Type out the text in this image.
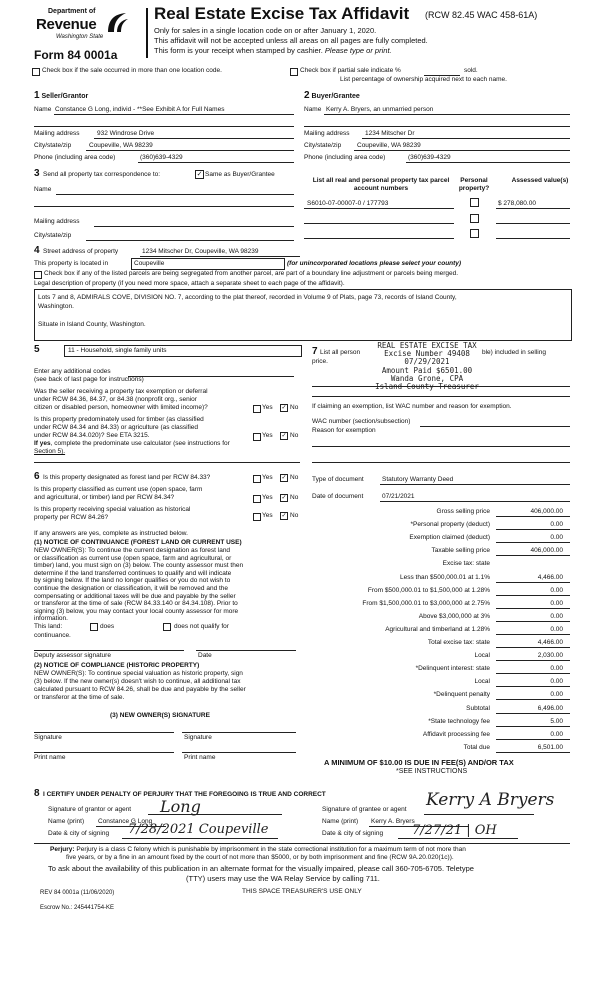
Department of
Revenue
Washington State
Form 84 0001a
Real Estate Excise Tax Affidavit (RCW 82.45 WAC 458-61A)
Only for sales in a single location code on or after January 1, 2020.
This affidavit will not be accepted unless all areas on all pages are fully completed.
This form is your receipt when stamped by cashier. Please type or print.
Check box if the sale occurred in more than one location code.	Check box if partial sale indicate %	sold.
List percentage of ownership acquired next to each name.
1 Seller/Grantor
Name Constance G Long, individ - **See Exhibit A for Full Names
Mailing address	932 Windrose Drive
City/state/zip	Coupeville, WA 98239
Phone (including area code)	(360)639-4329
2 Buyer/Grantee
Name Kerry A. Bryers, an unmarried person
Mailing address 1234 Mitscher Dr
City/state/zip Coupeville, WA 98239
Phone (including area code)	(360)639-4329
3 Send all property tax correspondence to:	✓ Same as Buyer/Grantee
Name
Mailing address
City/state/zip
List all real and personal property tax parcel account numbers
Personal property?
Assessed value(s)
S6010-07-00007-0 / 177793	$ 278,080.00
4 Street address of property	1234 Mitscher Dr, Coupeville, WA 98239
This property is located in	Coupeville	(for unincorporated locations please select your county)
Check box if any of the listed parcels are being segregated from another parcel, are part of a boundary line adjustment or parcels being merged.
Legal description of property (if you need more space, attach a separate sheet to each page of the affidavit).
Lots 7 and 8, ADMIRALS COVE, DIVISION NO. 7, according to the plat thereof, recorded in Volume 9 of Plats, page 73, records of Island County,
Washington.
Situate in Island County, Washington.
5	11 - Household, single family units
Enter any additional codes
(see back of last page for instructions)
Was the seller receiving a property tax exemption or deferral
under RCW 84.36, 84.37, or 84.38 (nonprofit org., senior
citizen or disabled person, homeowner with limited income)?	Yes ✓ No
Is this property predominately used for timber (as classified
under RCW 84.34 and 84.33) or agriculture (as classified
under RCW 84.34.020)? See ETA 3215.	Yes ✓ No
If yes, complete the predominate use calculator (see instructions for
Section 5).
6 Is this property designated as forest land per RCW 84.33?	Yes ✓ No
Is this property classified as current use (open space, farm
and agricultural, or timber) land per RCW 84.34?	Yes ✓ No
Is this property receiving special valuation as historical
property per RCW 84.26?	Yes ✓ No
If any answers are yes, complete as instructed below.
(1) NOTICE OF CONTINUANCE (FOREST LAND OR CURRENT USE)
NEW OWNER(S): To continue the current designation as forest land
or classification as current use (open space, farm and agricultural, or
timber) land, you must sign on (3) below. The county assessor must then
determine if the land transferred continues to qualify and will indicate
by signing below. If the land no longer qualifies or you do not wish to
continue the designation or classification, it will be removed and the
compensating or additional taxes will be due and payable by the seller
or transferor at the time of sale (RCW 84.33.140 or 84.34.108). Prior to
signing (3) below, you may contact your local county assessor for more
information.
This land:	does	does not qualify for
continuance.
Deputy assessor signature	Date
(2) NOTICE OF COMPLIANCE (HISTORIC PROPERTY)
NEW OWNER(S): To continue special valuation as historic property, sign
(3) below. If the new owner(s) doesn't wish to continue, all additional tax
calculated pursuant to RCW 84.26, shall be due and payable by the seller
or transferor at the time of sale.
(3) NEW OWNER(S) SIGNATURE
Signature	Signature
Print name	Print name
7 List all person	ble) included in selling
price.
REAL ESTATE EXCISE TAX
Excise Number 49408
07/29/2021
Amount Paid $6501.00
Wanda Grone, CPA
Island County Treasurer
If claiming an exemption, list WAC number and reason for exemption.
WAC number (section/subsection)
Reason for exemption
Type of document	Statutory Warranty Deed
Date of document	07/21/2021
Gross selling price	406,000.00
*Personal property (deduct)	0.00
Exemption claimed (deduct)	0.00
Taxable selling price	406,000.00
Excise tax: state
Less than $500,000.01 at 1.1%	4,466.00
From $500,000.01 to $1,500,000 at 1.28%	0.00
From $1,500,000.01 to $3,000,000 at 2.75%	0.00
Above $3,000,000 at 3%	0.00
Agricultural and timberland at 1.28%	0.00
Total excise tax: state	4,466.00
Local	2,030.00
*Delinquent interest: state	0.00
Local	0.00
*Delinquent penalty	0.00
Subtotal	6,496.00
*State technology fee	5.00
Affidavit processing fee	0.00
Total due	6,501.00
A MINIMUM OF $10.00 IS DUE IN FEE(S) AND/OR TAX
*SEE INSTRUCTIONS
8 I CERTIFY UNDER PENALTY OF PERJURY THAT THE FOREGOING IS TRUE AND CORRECT
Signature of grantor or agent Long
Name (print) Constance G Long
Date & city of signing 7/28/2021 Coupeville
Signature of grantee or agent Kerry A Bryers
Name (print) Kerry A. Bryers
Date & city of signing 7/27/21 | OH
Perjury: Perjury is a class C felony which is punishable by imprisonment in the state correctional institution for a maximum term of not more than
five years, or by a fine in an amount fixed by the court of not more than $5000, or by both imprisonment and fine (RCW 9A.20.020(1c)).
To ask about the availability of this publication in an alternate format for the visually impaired, please call 360-705-6705. Teletype
(TTY) users may use the WA Relay Service by calling 711.
REV 84 0001a (11/06/2020)	THIS SPACE TREASURER'S USE ONLY
Escrow No.: 245441754-KE
